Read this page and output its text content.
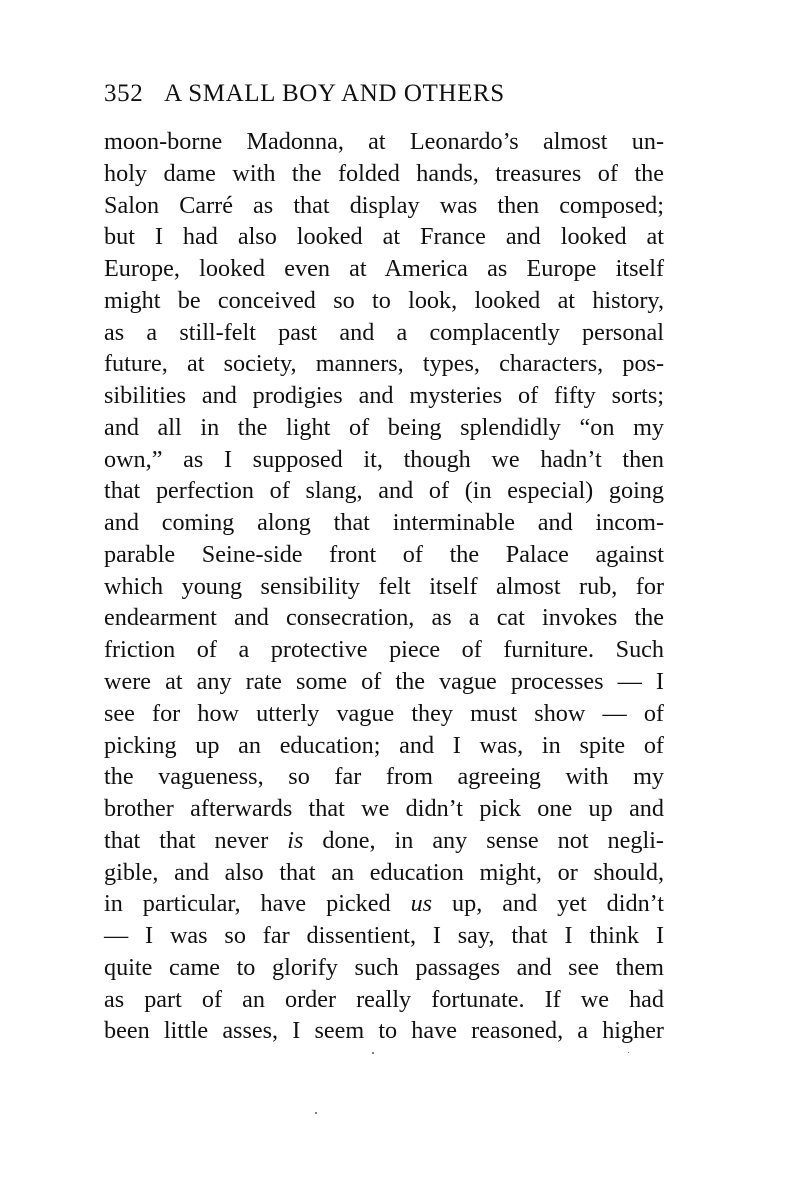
352 A SMALL BOY AND OTHERS
moon-borne Madonna, at Leonardo’s almost un-
holy dame with the folded hands, treasures of the
Salon Carré as that display was then composed;
but I had also looked at France and looked at
Europe, looked even at America as Europe itself
might be conceived so to look, looked at history,
as a still-felt past and a complacently personal
future, at society, manners, types, characters, pos-
sibilities and prodigies and mysteries of fifty sorts;
and all in the light of being splendidly “on my
own,” as I supposed it, though we hadn’t then
that perfection of slang, and of (in especial) going
and coming along that interminable and incom-
parable Seine-side front of the Palace against
which young sensibility felt itself almost rub, for
endearment and consecration, as a cat invokes the
friction of a protective piece of furniture. Such
were at any rate some of the vague processes — I
see for how utterly vague they must show — of
picking up an education; and I was, in spite of
the vagueness, so far from agreeing with my
brother afterwards that we didn’t pick one up and
that that never is done, in any sense not negli-
gible, and also that an education might, or should,
in particular, have picked us up, and yet didn’t
— I was so far dissentient, I say, that I think I
quite came to glorify such passages and see them
as part of an order really fortunate. If we had
been little asses, I seem to have reasoned, a higher
